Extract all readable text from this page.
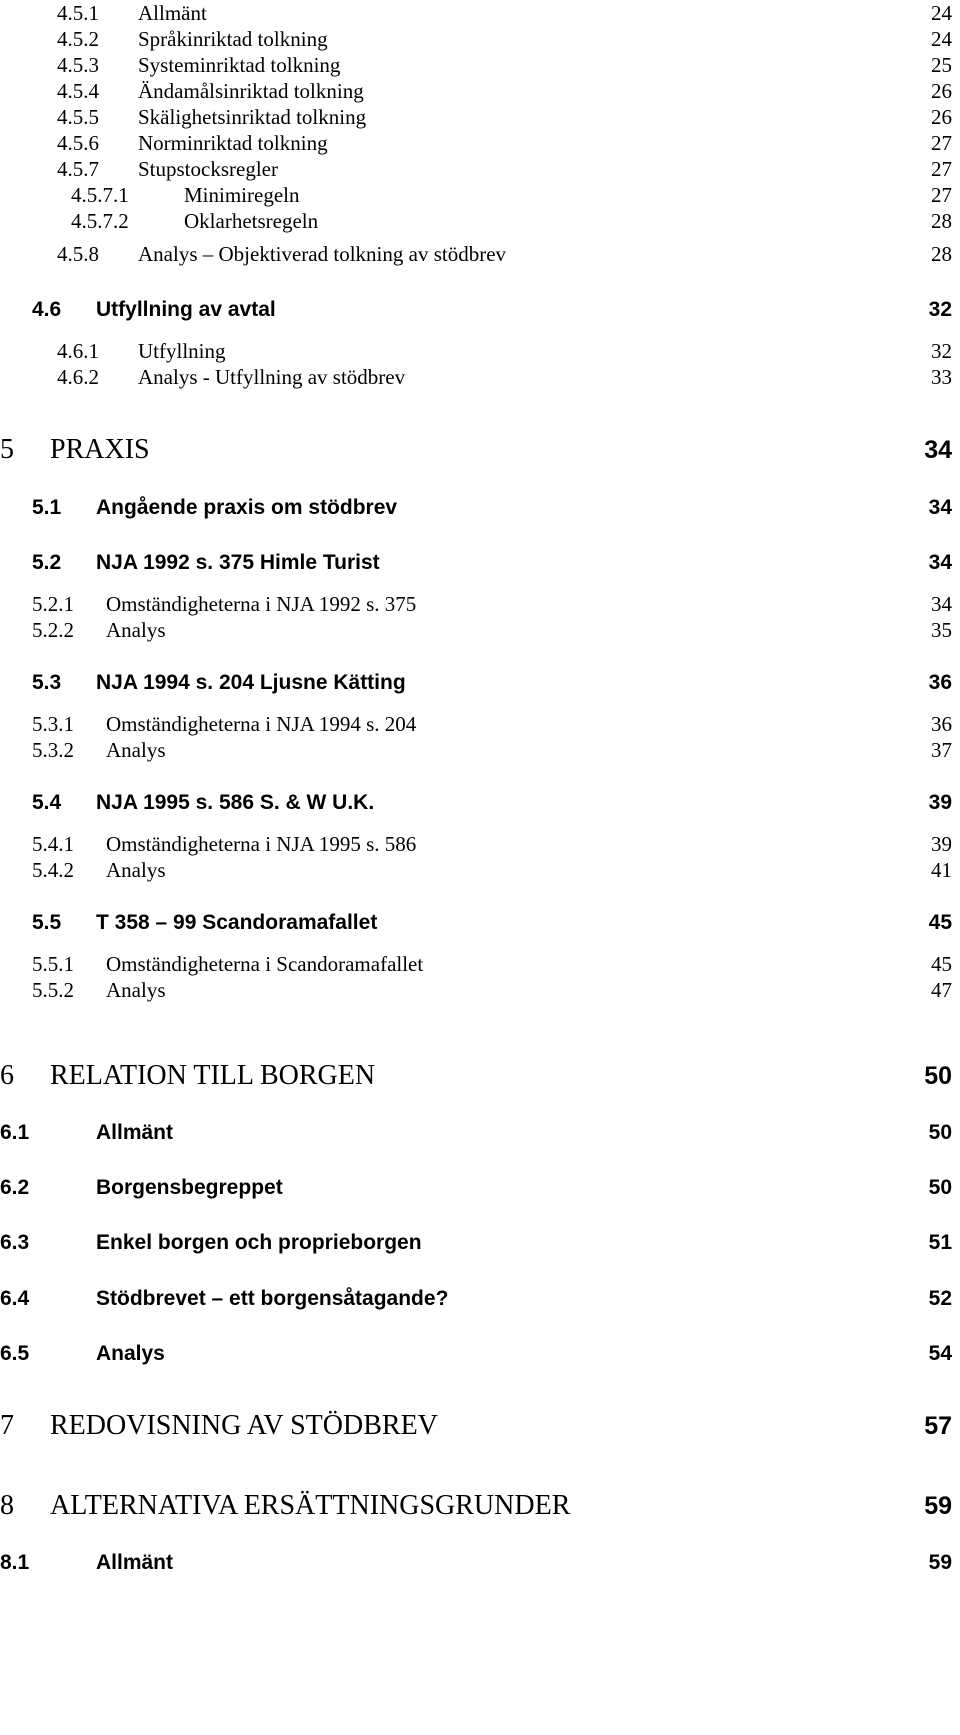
4.5.1 Allmänt	24
4.5.2 Språkinriktad tolkning	24
4.5.3 Systeminriktad tolkning	25
4.5.4 Ändamålsinriktad tolkning	26
4.5.5 Skälighetsinriktad tolkning	26
4.5.6 Norminriktad tolkning	27
4.5.7 Stupstocksregler	27
4.5.7.1	Minimiregeln	27
4.5.7.2	Oklarhetsregeln	28
4.5.8 Analys – Objektiverad tolkning av stödbrev	28
4.6 Utfyllning av avtal	32
4.6.1 Utfyllning	32
4.6.2 Analys - Utfyllning av stödbrev	33
5 PRAXIS	34
5.1 Angående praxis om stödbrev	34
5.2 NJA 1992 s. 375 Himle Turist	34
5.2.1 Omständigheterna i NJA 1992 s. 375	34
5.2.2 Analys	35
5.3 NJA 1994 s. 204 Ljusne Kätting	36
5.3.1 Omständigheterna i NJA 1994 s. 204	36
5.3.2 Analys	37
5.4 NJA 1995 s. 586 S. & W U.K.	39
5.4.1 Omständigheterna i NJA 1995 s. 586	39
5.4.2 Analys	41
5.5 T 358 – 99 Scandoramafallet	45
5.5.1 Omständigheterna i Scandoramafallet	45
5.5.2 Analys	47
6 RELATION TILL BORGEN	50
6.1	Allmänt	50
6.2	Borgensbegreppet	50
6.3	Enkel borgen och proprieborgen	51
6.4	Stödbrevet – ett borgensåtagande?	52
6.5	Analys	54
7 REDOVISNING AV STÖDBREV	57
8 ALTERNATIVA ERSÄTTNINGSGRUNDER	59
8.1	Allmänt	59
